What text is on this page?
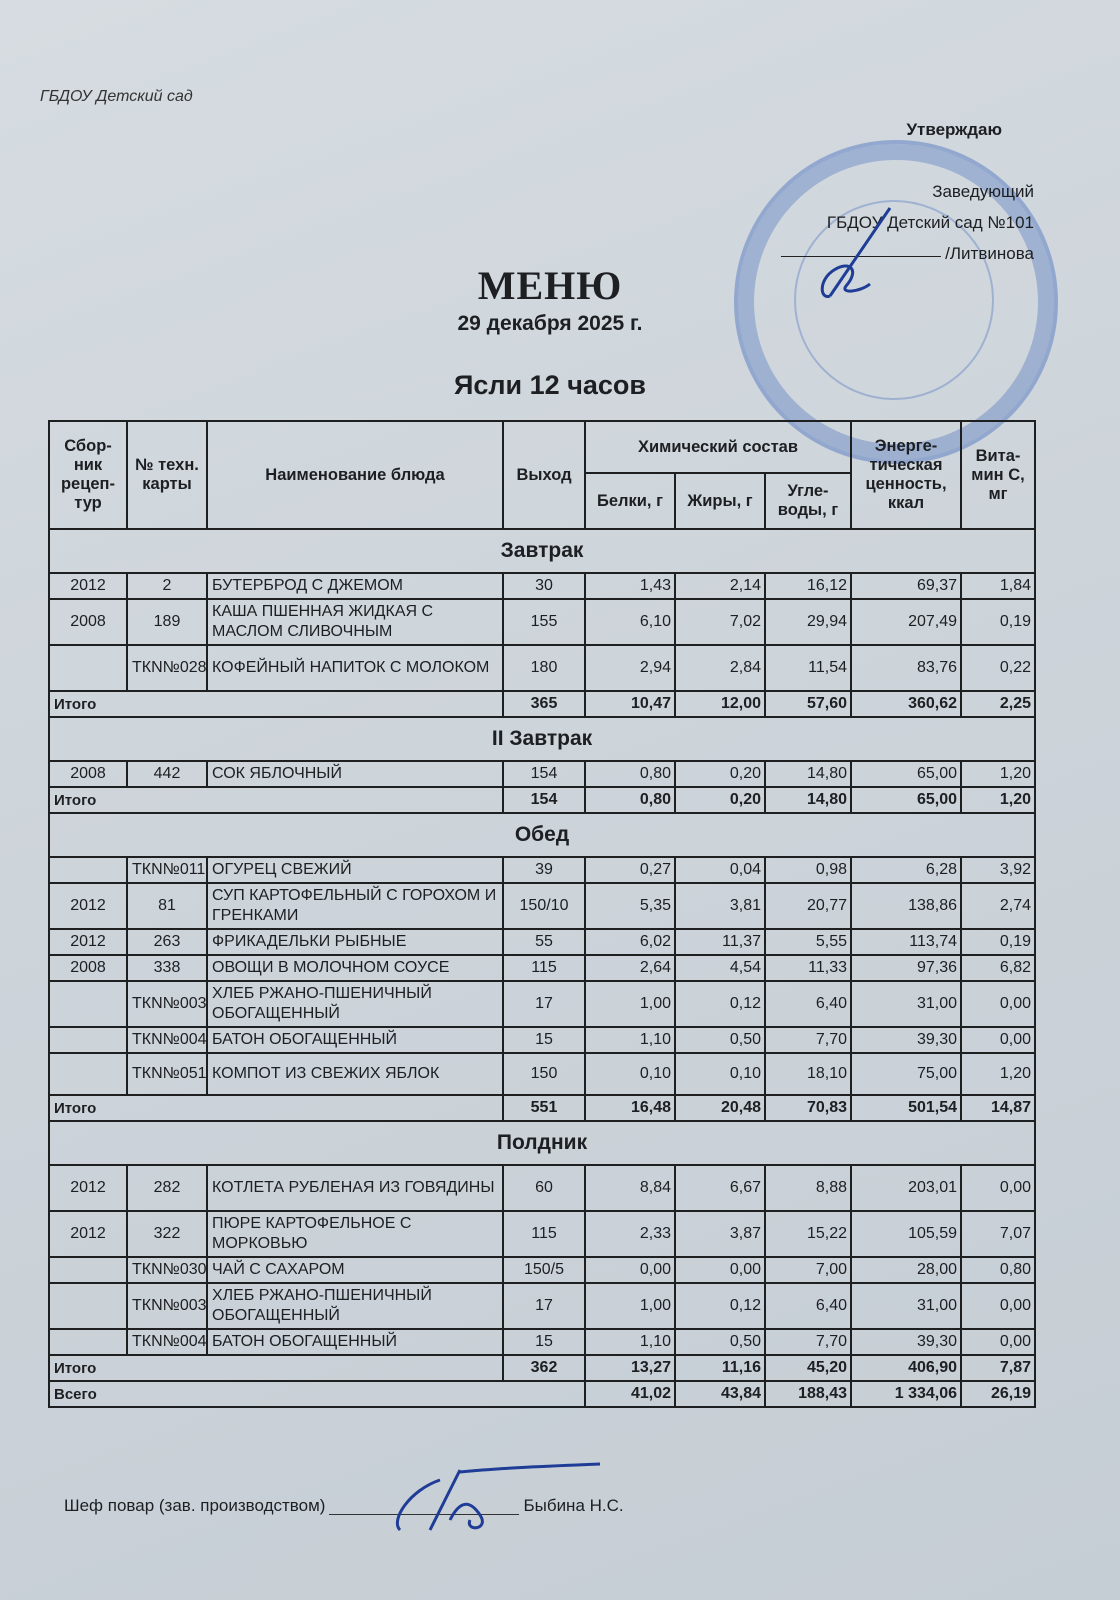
ГБДОУ Детский сад
Утверждаю
Заведующий
ГБДОУ Детский сад №101
/Литвинова
МЕНЮ
29 декабря 2025 г.
Ясли 12 часов
Сбор-ник рецеп-тур	№ техн. карты	Наименование блюда	Выход	Химический состав			Энерге-тическая ценность, ккал	Вита-мин С, мг
				Белки, г	Жиры, г	Угле-воды, г		
Завтрак								
2012	2	БУТЕРБРОД С ДЖЕМОМ	30	1,43	2,14	16,12	69,37	1,84
2008	189	КАША ПШЕННАЯ ЖИДКАЯ С МАСЛОМ СЛИВОЧНЫМ	155	6,10	7,02	29,94	207,49	0,19
	ТКN№028	КОФЕЙНЫЙ НАПИТОК С МОЛОКОМ	180	2,94	2,84	11,54	83,76	0,22
Итого			365	10,47	12,00	57,60	360,62	2,25
II Завтрак								
2008	442	СОК ЯБЛОЧНЫЙ	154	0,80	0,20	14,80	65,00	1,20
Итого			154	0,80	0,20	14,80	65,00	1,20
Обед								
	ТКN№011	ОГУРЕЦ СВЕЖИЙ	39	0,27	0,04	0,98	6,28	3,92
2012	81	СУП КАРТОФЕЛЬНЫЙ С ГОРОХОМ И ГРЕНКАМИ	150/10	5,35	3,81	20,77	138,86	2,74
2012	263	ФРИКАДЕЛЬКИ РЫБНЫЕ	55	6,02	11,37	5,55	113,74	0,19
2008	338	ОВОЩИ В МОЛОЧНОМ СОУСЕ	115	2,64	4,54	11,33	97,36	6,82
	ТКN№003	ХЛЕБ РЖАНО-ПШЕНИЧНЫЙ ОБОГАЩЕННЫЙ	17	1,00	0,12	6,40	31,00	0,00
	ТКN№004	БАТОН ОБОГАЩЕННЫЙ	15	1,10	0,50	7,70	39,30	0,00
	ТКN№051	КОМПОТ ИЗ СВЕЖИХ ЯБЛОК	150	0,10	0,10	18,10	75,00	1,20
Итого			551	16,48	20,48	70,83	501,54	14,87
Полдник								
2012	282	КОТЛЕТА РУБЛЕНАЯ ИЗ ГОВЯДИНЫ	60	8,84	6,67	8,88	203,01	0,00
2012	322	ПЮРЕ КАРТОФЕЛЬНОЕ С МОРКОВЬЮ	115	2,33	3,87	15,22	105,59	7,07
	ТКN№030	ЧАЙ С САХАРОМ	150/5	0,00	0,00	7,00	28,00	0,80
	ТКN№003	ХЛЕБ РЖАНО-ПШЕНИЧНЫЙ ОБОГАЩЕННЫЙ	17	1,00	0,12	6,40	31,00	0,00
	ТКN№004	БАТОН ОБОГАЩЕННЫЙ	15	1,10	0,50	7,70	39,30	0,00
Итого			362	13,27	11,16	45,20	406,90	7,87
Всего				41,02	43,84	188,43	1 334,06	26,19
Шеф повар (зав. производством)	Быбина Н.С.
